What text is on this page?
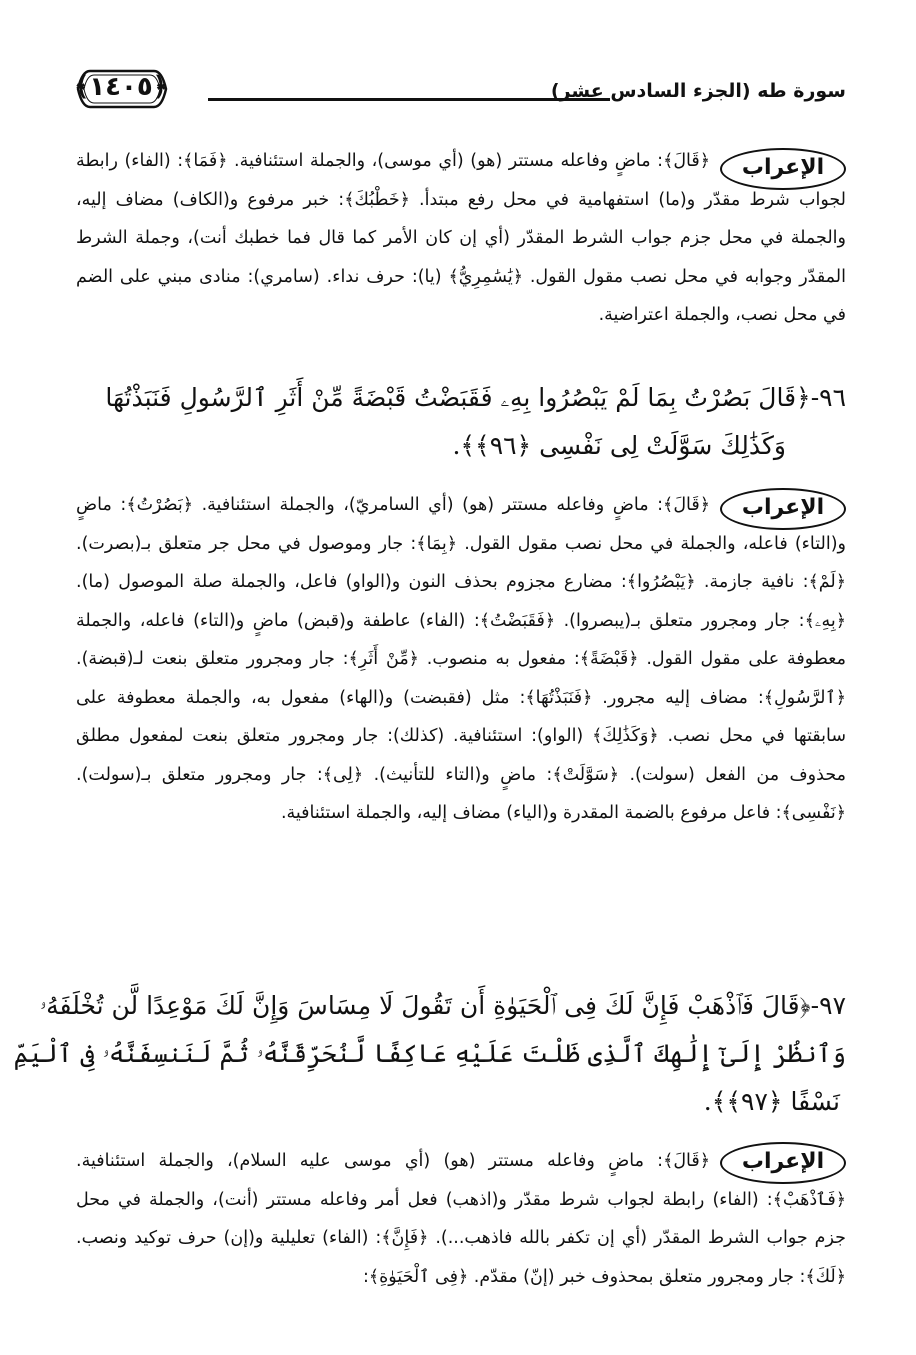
﴿١٤٠٥﴾	سورة طه (الجزء السادس عشر)
الإعراب

﴿قَالَ﴾: ماضٍ وفاعله مستتر (هو) (أي موسى)، والجملة استئنافية. ﴿فَمَا﴾: (الفاء) رابطة لجواب شرط مقدّر و(ما) استفهامية في محل رفع مبتدأ. ﴿خَطْبُكَ﴾: خبر مرفوع و(الكاف) مضاف إليه، والجملة في محل جزم جواب الشرط المقدّر (أي إن كان الأمر كما قال فما خطبك أنت)، وجملة الشرط المقدّر وجوابه في محل نصب مقول القول. ﴿يَٰسَٰمِرِيُّ﴾ (يا): حرف نداء. (سامري): منادى مبني على الضم في محل نصب، والجملة اعتراضية.

٩٦-﴿قَالَ بَصُرْتُ بِمَا لَمْ يَبْصُرُوا بِهِۦ فَقَبَضْتُ قَبْضَةً مِّنْ أَثَرِ ٱلرَّسُولِ فَنَبَذْتُهَا

وَكَذَٰلِكَ سَوَّلَتْ لِى نَفْسِى ﴿٩٦﴾﴾.

الإعراب

﴿قَالَ﴾: ماضٍ وفاعله مستتر (هو) (أي السامريّ)، والجملة استئنافية. ﴿بَصُرْتُ﴾: ماضٍ و(التاء) فاعله، والجملة في محل نصب مقول القول. ﴿بِمَا﴾: جار وموصول في محل جر متعلق بـ(بصرت). ﴿لَمْ﴾: نافية جازمة. ﴿يَبْصُرُوا﴾: مضارع مجزوم بحذف النون و(الواو) فاعل، والجملة صلة الموصول (ما). ﴿بِهِۦ﴾: جار ومجرور متعلق بـ(يبصروا). ﴿فَقَبَضْتُ﴾: (الفاء) عاطفة و(قبض) ماضٍ و(التاء) فاعله، والجملة معطوفة على مقول القول. ﴿قَبْضَةً﴾: مفعول به منصوب. ﴿مِّنْ أَثَرِ﴾: جار ومجرور متعلق بنعت لـ(قبضة). ﴿ٱلرَّسُولِ﴾: مضاف إليه مجرور. ﴿فَنَبَذْتُهَا﴾: مثل (فقبضت) و(الهاء) مفعول به، والجملة معطوفة على سابقتها في محل نصب. ﴿وَكَذَٰلِكَ﴾ (الواو): استئنافية. (كذلك): جار ومجرور متعلق بنعت لمفعول مطلق محذوف من الفعل (سولت). ﴿سَوَّلَتْ﴾: ماضٍ و(التاء للتأنيث). ﴿لِى﴾: جار ومجرور متعلق بـ(سولت). ﴿نَفْسِى﴾: فاعل مرفوع بالضمة المقدرة و(الياء) مضاف إليه، والجملة استئنافية.

٩٧-﴿قَالَ فَٱذْهَبْ فَإِنَّ لَكَ فِى ٱلْحَيَوٰةِ أَن تَقُولَ لَا مِسَاسَ وَإِنَّ لَكَ مَوْعِدًا لَّن تُخْلَفَهُۥ

وَٱنظُرْ إِلَىٰٓ إِلَٰهِكَ ٱلَّذِى ظَلْتَ عَلَيْهِ عَاكِفًا لَّنُحَرِّقَنَّهُۥ ثُمَّ لَنَنسِفَنَّهُۥ فِى ٱلْيَمِّ

نَسْفًا ﴿٩٧﴾﴾.

الإعراب

﴿قَالَ﴾: ماضٍ وفاعله مستتر (هو) (أي موسى عليه السلام)، والجملة استئنافية. ﴿فَٱذْهَبْ﴾: (الفاء) رابطة لجواب شرط مقدّر و(اذهب) فعل أمر وفاعله مستتر (أنت)، والجملة في محل جزم جواب الشرط المقدّر (أي إن تكفر بالله فاذهب...). ﴿فَإِنَّ﴾: (الفاء) تعليلية و(إن) حرف توكيد ونصب. ﴿لَكَ﴾: جار ومجرور متعلق بمحذوف خبر (إنّ) مقدّم. ﴿فِى ٱلْحَيَوٰةِ﴾:
